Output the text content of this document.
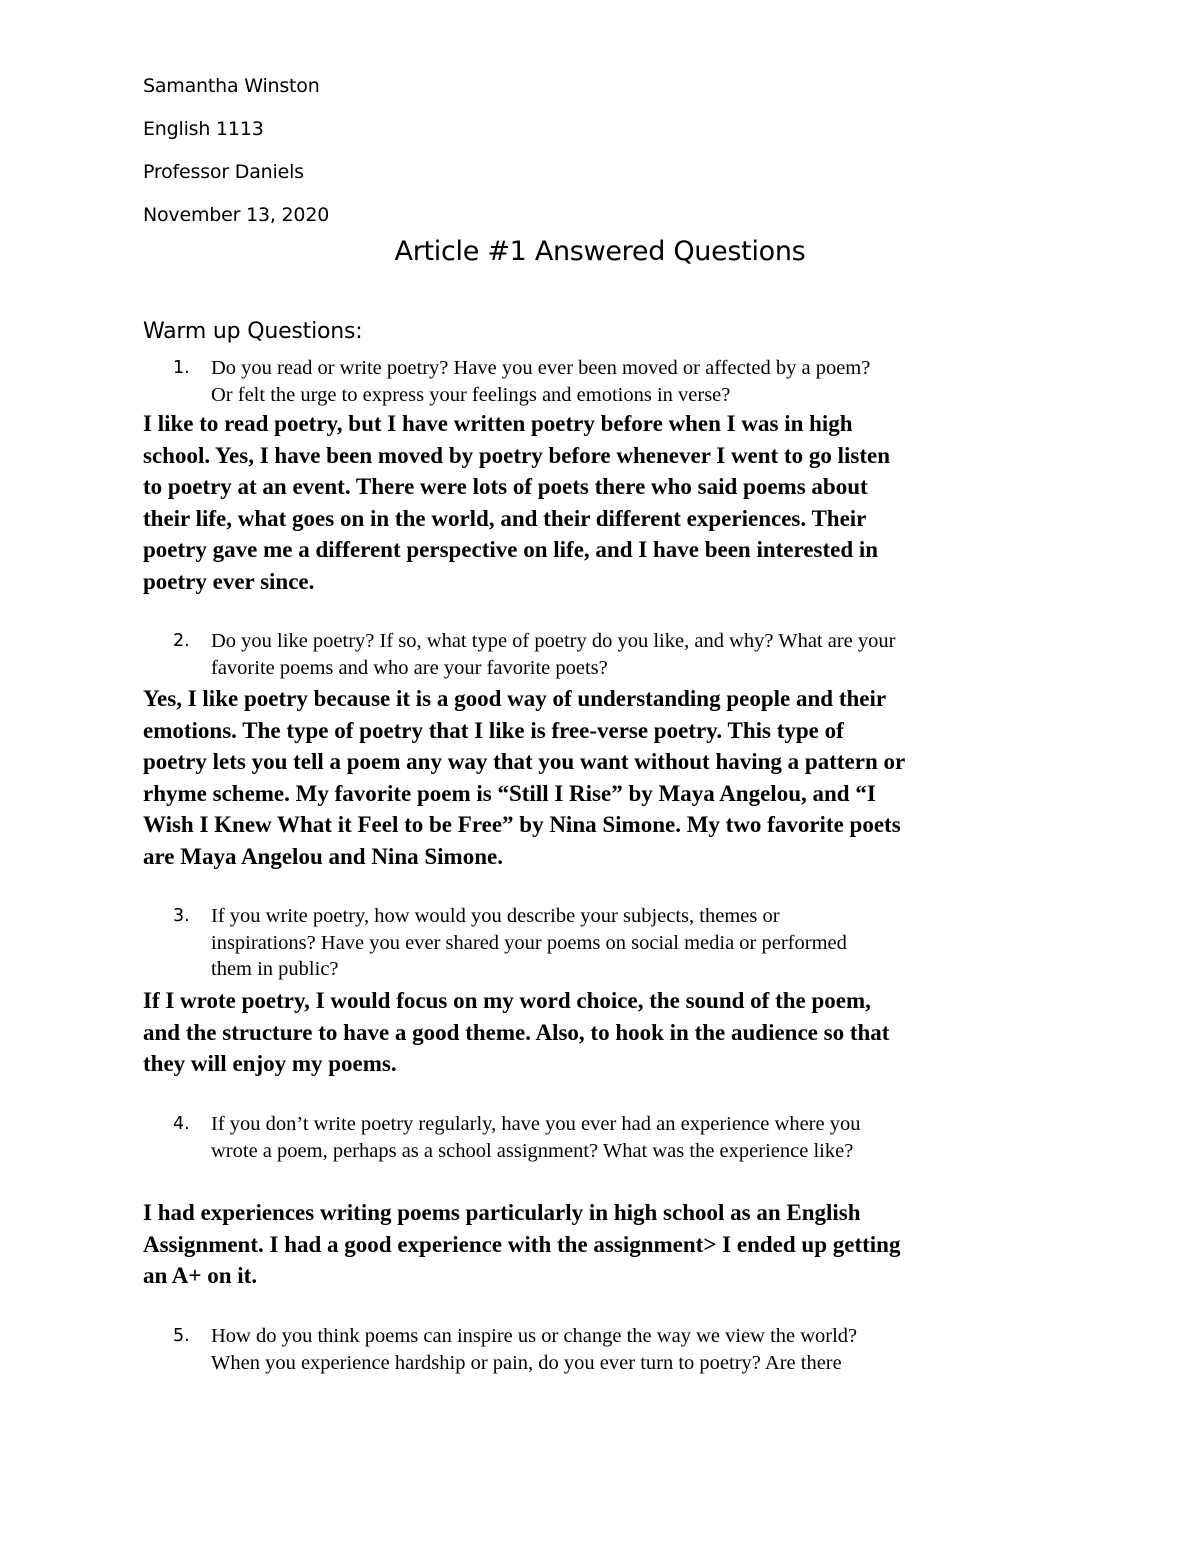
Samantha Winston
English 1113
Professor Daniels
November 13, 2020
Article #1 Answered Questions
Warm up Questions:
1. Do you read or write poetry? Have you ever been moved or affected by a poem?
Or felt the urge to express your feelings and emotions in verse?
I like to read poetry, but I have written poetry before when I was in high
school. Yes, I have been moved by poetry before whenever I went to go listen
to poetry at an event. There were lots of poets there who said poems about
their life, what goes on in the world, and their different experiences. Their
poetry gave me a different perspective on life, and I have been interested in
poetry ever since.
2. Do you like poetry? If so, what type of poetry do you like, and why? What are your
favorite poems and who are your favorite poets?
Yes, I like poetry because it is a good way of understanding people and their
emotions. The type of poetry that I like is free-verse poetry. This type of
poetry lets you tell a poem any way that you want without having a pattern or
rhyme scheme. My favorite poem is “Still I Rise” by Maya Angelou, and “I
Wish I Knew What it Feel to be Free” by Nina Simone. My two favorite poets
are Maya Angelou and Nina Simone.
3. If you write poetry, how would you describe your subjects, themes or
inspirations? Have you ever shared your poems on social media or performed
them in public?
If I wrote poetry, I would focus on my word choice, the sound of the poem,
and the structure to have a good theme. Also, to hook in the audience so that
they will enjoy my poems.
4. If you don’t write poetry regularly, have you ever had an experience where you
wrote a poem, perhaps as a school assignment? What was the experience like?
I had experiences writing poems particularly in high school as an English
Assignment. I had a good experience with the assignment> I ended up getting
an A+ on it.
5. How do you think poems can inspire us or change the way we view the world?
When you experience hardship or pain, do you ever turn to poetry? Are there
